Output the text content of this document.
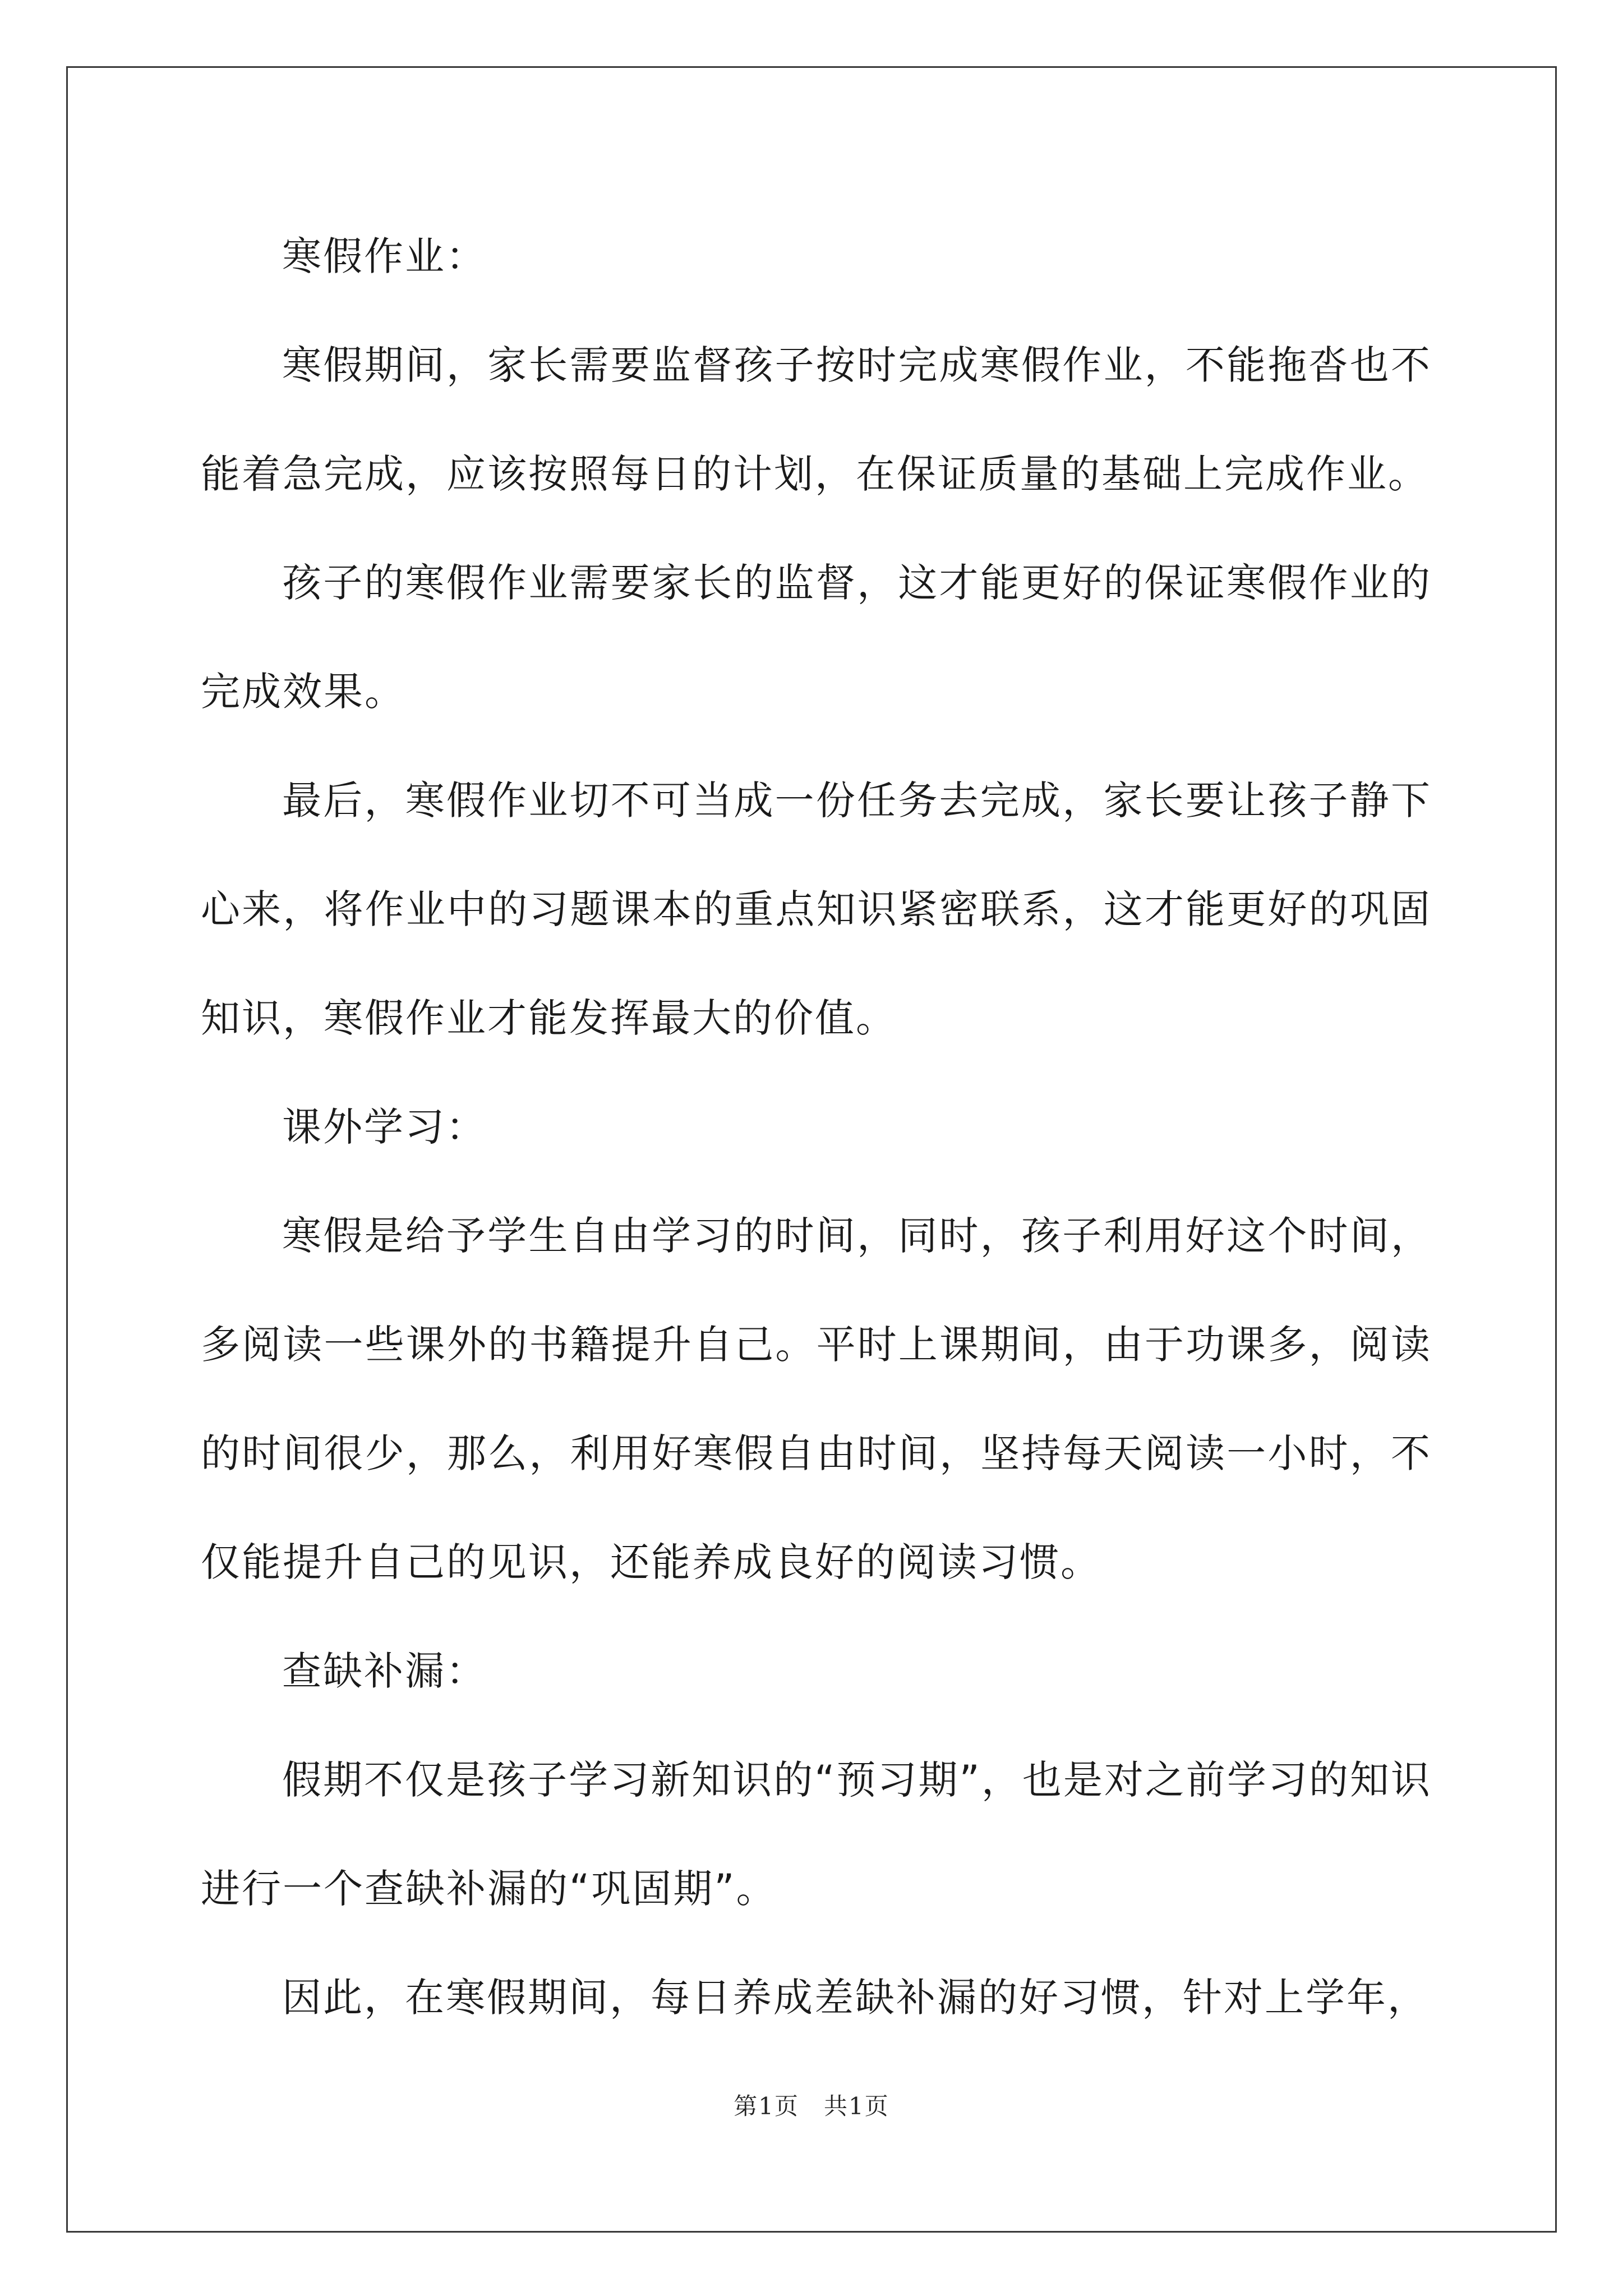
寒假作业：

寒假期间，家长需要监督孩子按时完成寒假作业，不能拖沓也不能着急完成，应该按照每日的计划，在保证质量的基础上完成作业。

孩子的寒假作业需要家长的监督，这才能更好的保证寒假作业的完成效果。

最后，寒假作业切不可当成一份任务去完成，家长要让孩子静下心来，将作业中的习题课本的重点知识紧密联系，这才能更好的巩固知识，寒假作业才能发挥最大的价值。

课外学习：

寒假是给予学生自由学习的时间，同时，孩子利用好这个时间，多阅读一些课外的书籍提升自己。平时上课期间，由于功课多，阅读的时间很少，那么，利用好寒假自由时间，坚持每天阅读一小时，不仅能提升自己的见识，还能养成良好的阅读习惯。

查缺补漏：

假期不仅是孩子学习新知识的“预习期”，也是对之前学习的知识进行一个查缺补漏的“巩固期”。

因此，在寒假期间，每日养成差缺补漏的好习惯，针对上学年，

第1页　共1页
